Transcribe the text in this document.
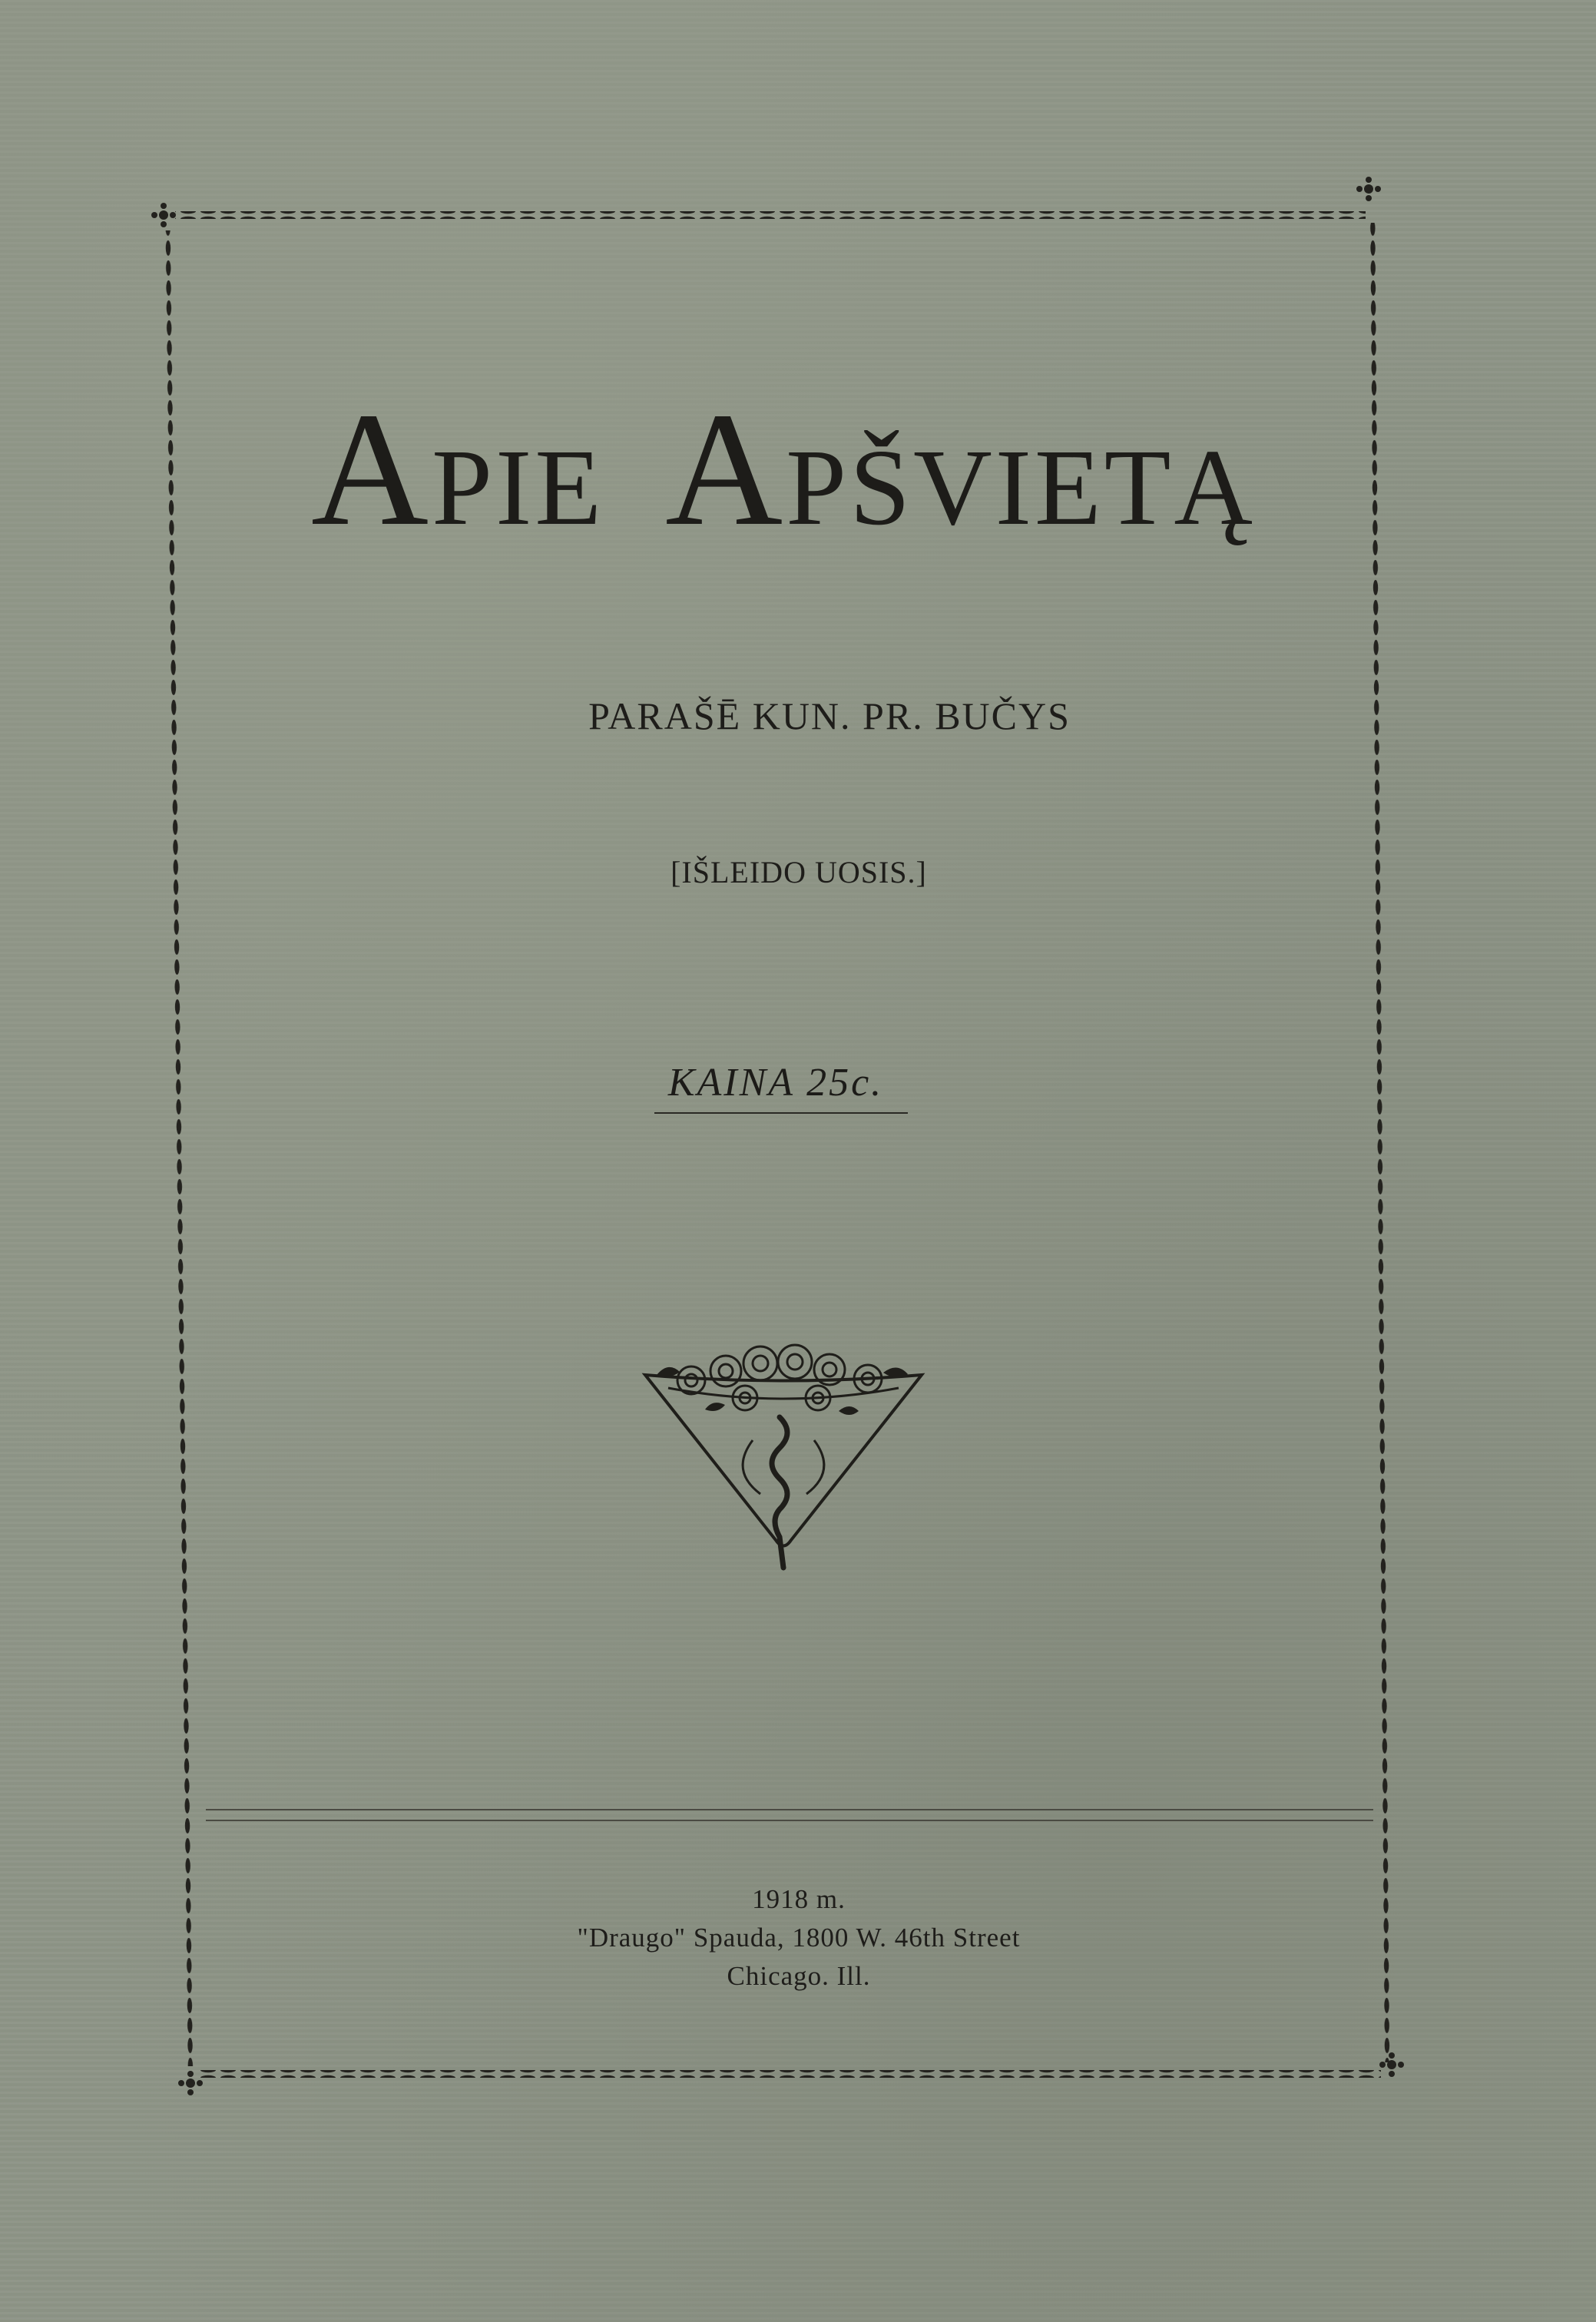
APIE APŠVIETĄ
PARAŠĒ KUN. PR. BUČYS
[IŠLEIDO UOSIS.]
KAINA 25c.
1918 m.
"Draugo" Spauda, 1800 W. 46th Street
Chicago. Ill.
